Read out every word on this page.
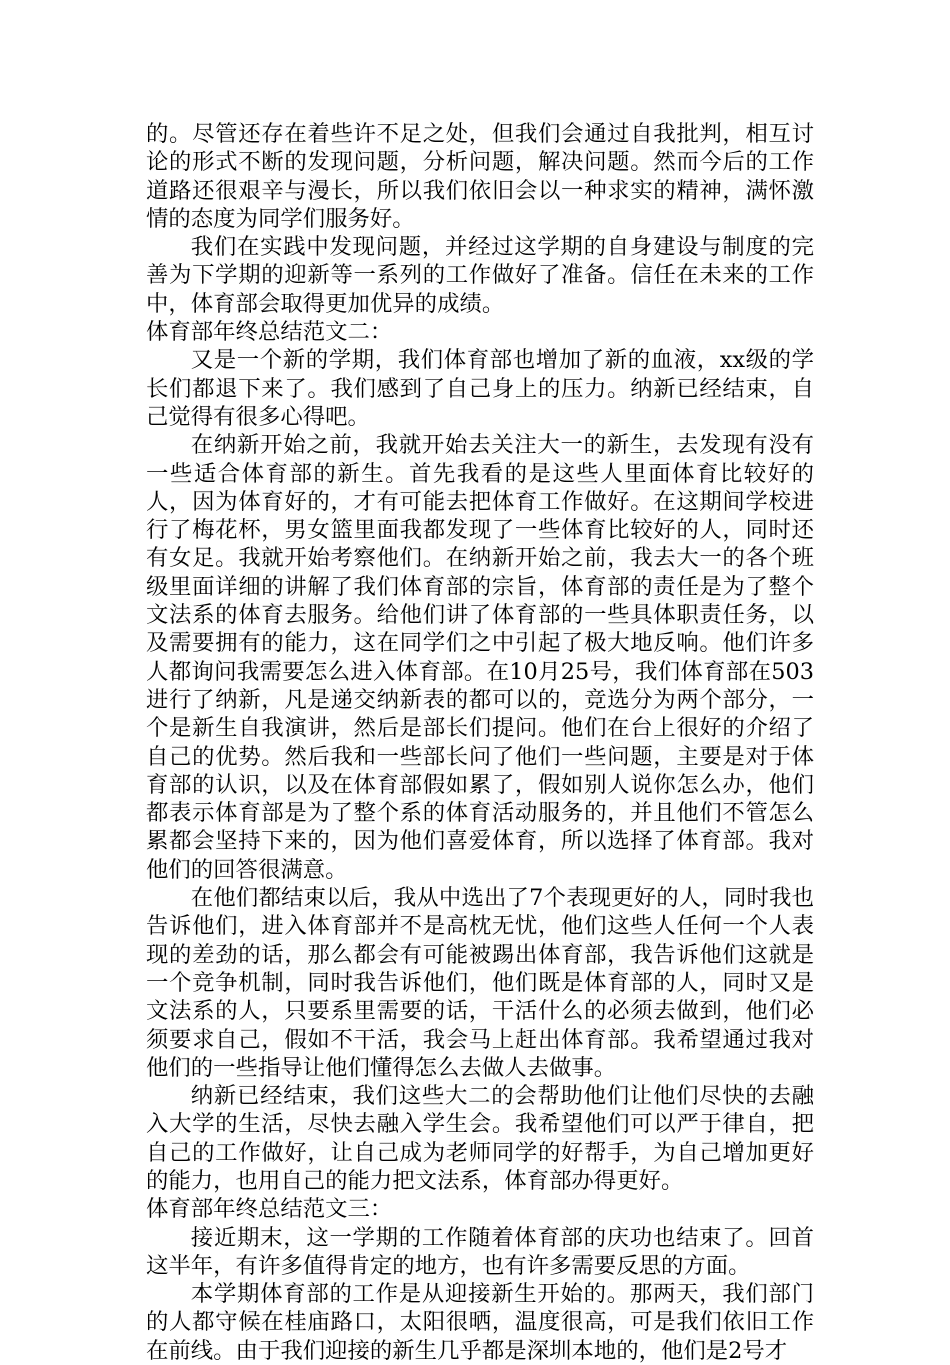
的。尽管还存在着些许不足之处，但我们会通过自我批判，相互讨论的形式不断的发现问题，分析问题，解决问题。然而今后的工作道路还很艰辛与漫长，所以我们依旧会以一种求实的精神，满怀激情的态度为同学们服务好。

我们在实践中发现问题，并经过这学期的自身建设与制度的完善为下学期的迎新等一系列的工作做好了准备。信任在未来的工作中，体育部会取得更加优异的成绩。

体育部年终总结范文二：

又是一个新的学期，我们体育部也增加了新的血液，xx级的学长们都退下来了。我们感到了自己身上的压力。纳新已经结束，自己觉得有很多心得吧。

在纳新开始之前，我就开始去关注大一的新生，去发现有没有一些适合体育部的新生。首先我看的是这些人里面体育比较好的人，因为体育好的，才有可能去把体育工作做好。在这期间学校进行了梅花杯，男女篮里面我都发现了一些体育比较好的人，同时还有女足。我就开始考察他们。在纳新开始之前，我去大一的各个班级里面详细的讲解了我们体育部的宗旨，体育部的责任是为了整个文法系的体育去服务。给他们讲了体育部的一些具体职责任务，以及需要拥有的能力，这在同学们之中引起了极大地反响。他们许多人都询问我需要怎么进入体育部。在10月25号，我们体育部在503进行了纳新，凡是递交纳新表的都可以的，竞选分为两个部分，一个是新生自我演讲，然后是部长们提问。他们在台上很好的介绍了自己的优势。然后我和一些部长问了他们一些问题，主要是对于体育部的认识，以及在体育部假如累了，假如别人说你怎么办，他们都表示体育部是为了整个系的体育活动服务的，并且他们不管怎么累都会坚持下来的，因为他们喜爱体育，所以选择了体育部。我对他们的回答很满意。

在他们都结束以后，我从中选出了7个表现更好的人，同时我也告诉他们，进入体育部并不是高枕无忧，他们这些人任何一个人表现的差劲的话，那么都会有可能被踢出体育部，我告诉他们这就是一个竞争机制，同时我告诉他们，他们既是体育部的人，同时又是文法系的人，只要系里需要的话，干活什么的必须去做到，他们必须要求自己，假如不干活，我会马上赶出体育部。我希望通过我对他们的一些指导让他们懂得怎么去做人去做事。

纳新已经结束，我们这些大二的会帮助他们让他们尽快的去融入大学的生活，尽快去融入学生会。我希望他们可以严于律自，把自己的工作做好，让自己成为老师同学的好帮手，为自己增加更好的能力，也用自己的能力把文法系，体育部办得更好。

体育部年终总结范文三：

接近期末，这一学期的工作随着体育部的庆功也结束了。回首这半年，有许多值得肯定的地方，也有许多需要反思的方面。

本学期体育部的工作是从迎接新生开始的。那两天，我们部门的人都守候在桂庙路口，太阳很晒，温度很高，可是我们依旧工作在前线。由于我们迎接的新生几乎都是深圳本地的，他们是2号才
